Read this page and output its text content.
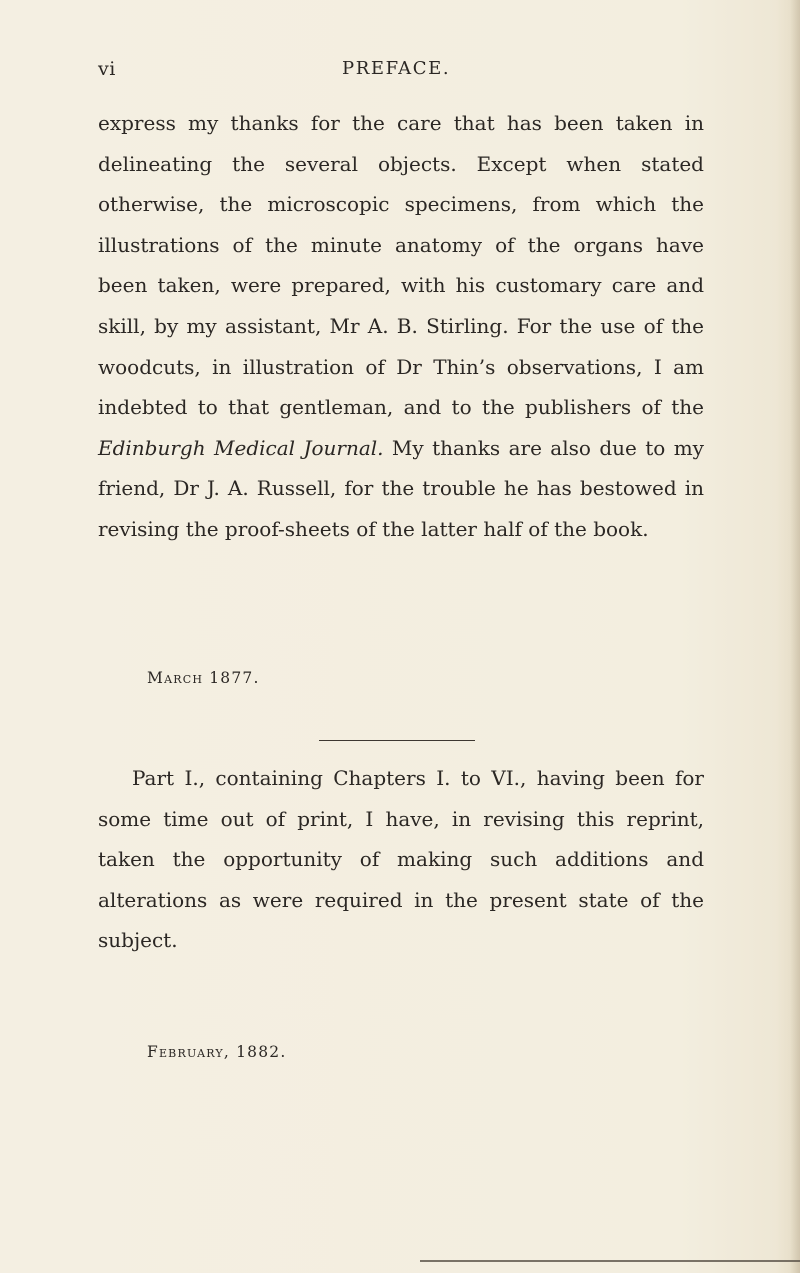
vi	PREFACE.

express my thanks for the care that has been taken in delineating the several objects. Except when stated otherwise, the microscopic specimens, from which the illustrations of the minute anatomy of the organs have been taken, were prepared, with his customary care and skill, by my assistant, Mr A. B. Stirling. For the use of the woodcuts, in illustration of Dr Thin’s observations, I am indebted to that gentleman, and to the publishers of the Edinburgh Medical Journal. My thanks are also due to my friend, Dr J. A. Russell, for the trouble he has bestowed in revising the proof-sheets of the latter half of the book.

March 1877.

Part I., containing Chapters I. to VI., having been for some time out of print, I have, in revising this reprint, taken the opportunity of making such additions and alterations as were required in the present state of the subject.

February, 1882.
